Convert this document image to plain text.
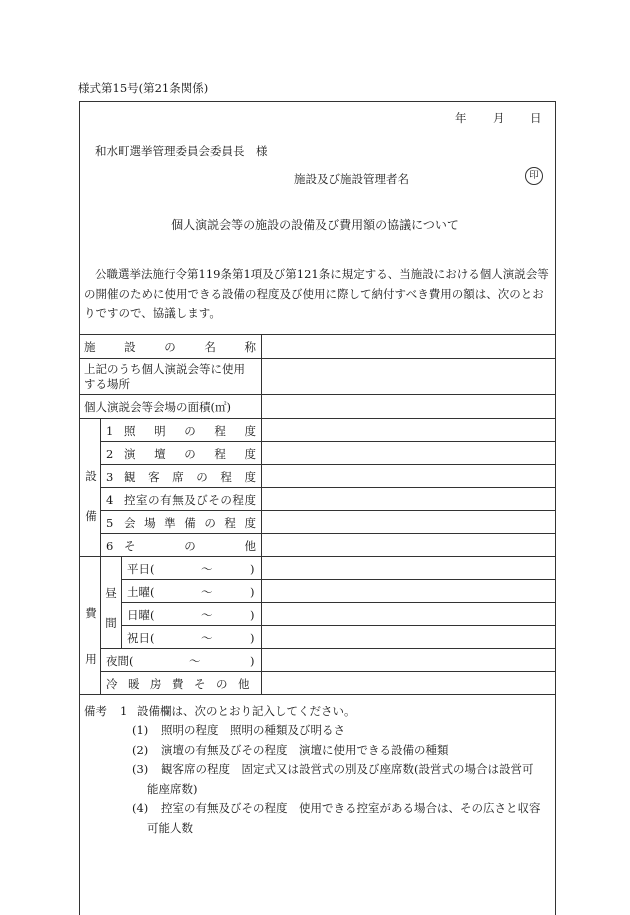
様式第15号(第21条関係)
年 月 日
和水町選挙管理委員会委員長　様
施設及び施設管理者名	印
個人演説会等の施設の設備及び費用額の協議について

公職選挙法施行令第119条第1項及び第121条に規定する、当施設における個人演説会等

の開催のために使用できる設備の程度及び使用に際して納付すべき費用の額は、次のとお

りですので、協議します。

施 設 の 名 称
上記のうち個人演説会等に使用
する場所
個人演説会等会場の面積(㎡)
設備
1 照 明 の 程 度
2 演 壇 の 程 度
3 観 客 席 の 程 度
4 控 室 の 有 無 及 び そ の 程 度
5 会 場 準 備 の 程 度
6 そ	の	他
費用
昼間
平日(	～	)
土曜(	～	)
日曜(	～	)
祝日(	～	)
夜間(	～	)
冷暖房費その他
備考 1 設備欄は、次のとおり記入してください。
(1) 照明の程度　照明の種類及び明るさ
(2) 演壇の有無及びその程度　演壇に使用できる設備の種類
(3) 観客席の程度　固定式又は設営式の別及び座席数(設営式の場合は設営可
能座席数)
(4) 控室の有無及びその程度　使用できる控室がある場合は、その広さと収容
可能人数
